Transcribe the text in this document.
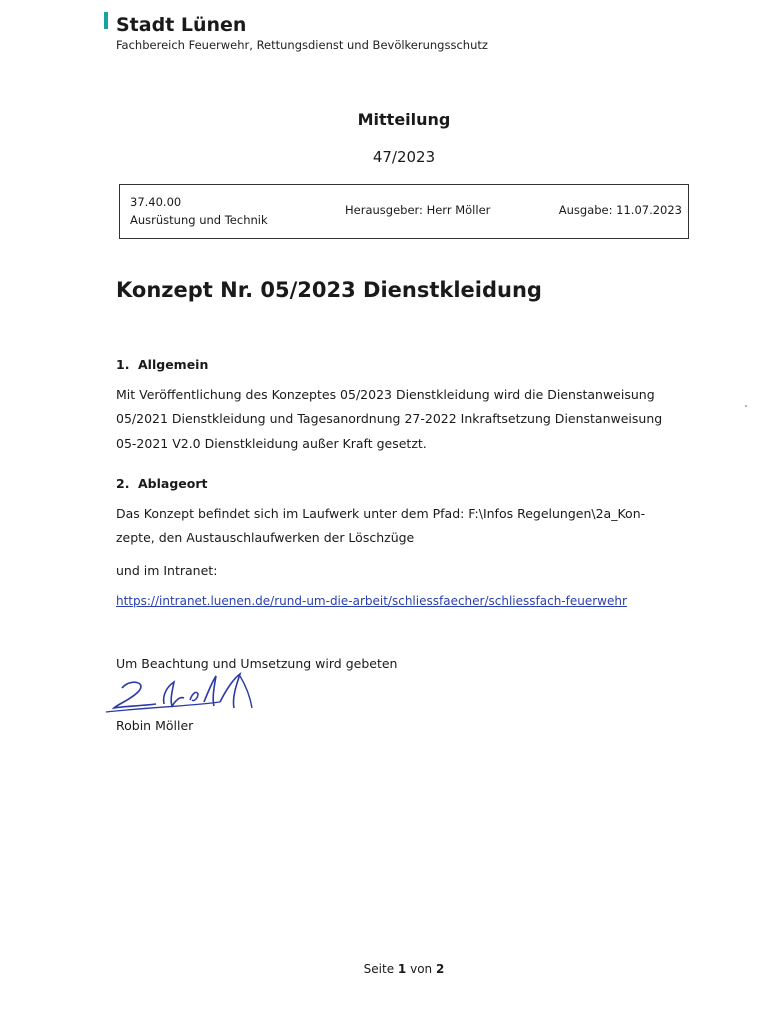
Stadt Lünen
Fachbereich Feuerwehr, Rettungsdienst und Bevölkerungsschutz
Mitteilung
47/2023
37.40.00
Ausrüstung und Technik
Herausgeber: Herr Möller	Ausgabe: 11.07.2023
Konzept Nr. 05/2023 Dienstkleidung
1. Allgemein
Mit Veröffentlichung des Konzeptes 05/2023 Dienstkleidung wird die Dienstanweisung
05/2021 Dienstkleidung und Tagesanordnung 27-2022 Inkraftsetzung Dienstanweisung
05-2021 V2.0 Dienstkleidung außer Kraft gesetzt.
2. Ablageort
Das Konzept befindet sich im Laufwerk unter dem Pfad: F:\Infos Regelungen\2a_Kon-
zepte, den Austauschlaufwerken der Löschzüge
und im Intranet:
https://intranet.luenen.de/rund-um-die-arbeit/schliessfaecher/schliessfach-feuerwehr
Um Beachtung und Umsetzung wird gebeten
Robin Möller
Seite 1 von 2
